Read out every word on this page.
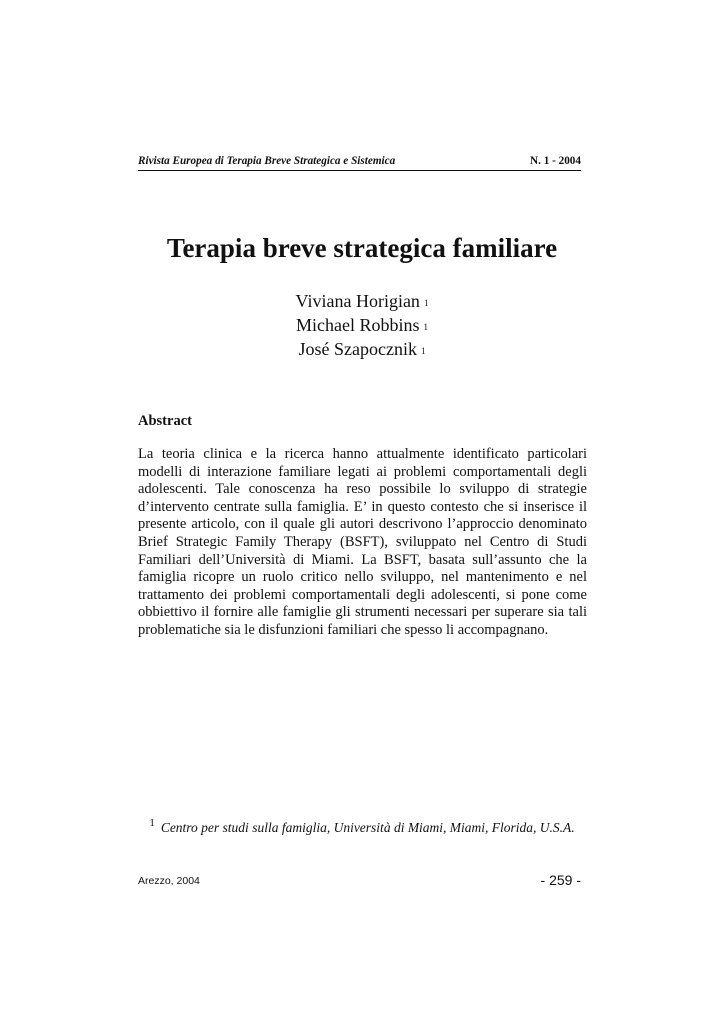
Rivista Europea di Terapia Breve Strategica e Sistemica	N. 1 - 2004
Terapia breve strategica familiare
Viviana Horigian $^1$
Michael Robbins $^1$
José Szapocznik $^1$
Abstract

La teoria clinica e la ricerca hanno attualmente identificato particolari modelli di interazione familiare legati ai problemi comportamentali degli adolescenti. Tale conoscenza ha reso possibile lo sviluppo di strategie d’intervento centrate sulla famiglia. E’ in questo contesto che si inserisce il presente articolo, con il quale gli autori descrivono l’approccio denominato Brief Strategic Family Therapy (BSFT), sviluppato nel Centro di Studi Familiari dell’Università di Miami. La BSFT, basata sull’assunto che la famiglia ricopre un ruolo critico nello sviluppo, nel mantenimento e nel trattamento dei problemi comportamentali degli adolescenti, si pone come obbiettivo il fornire alle famiglie gli strumenti necessari per superare sia tali problematiche sia le disfunzioni familiari che spesso li accompagnano.

$^1$ Centro per studi sulla famiglia, Università di Miami, Miami, Florida, U.S.A.
Arezzo, 2004	- 259 -
